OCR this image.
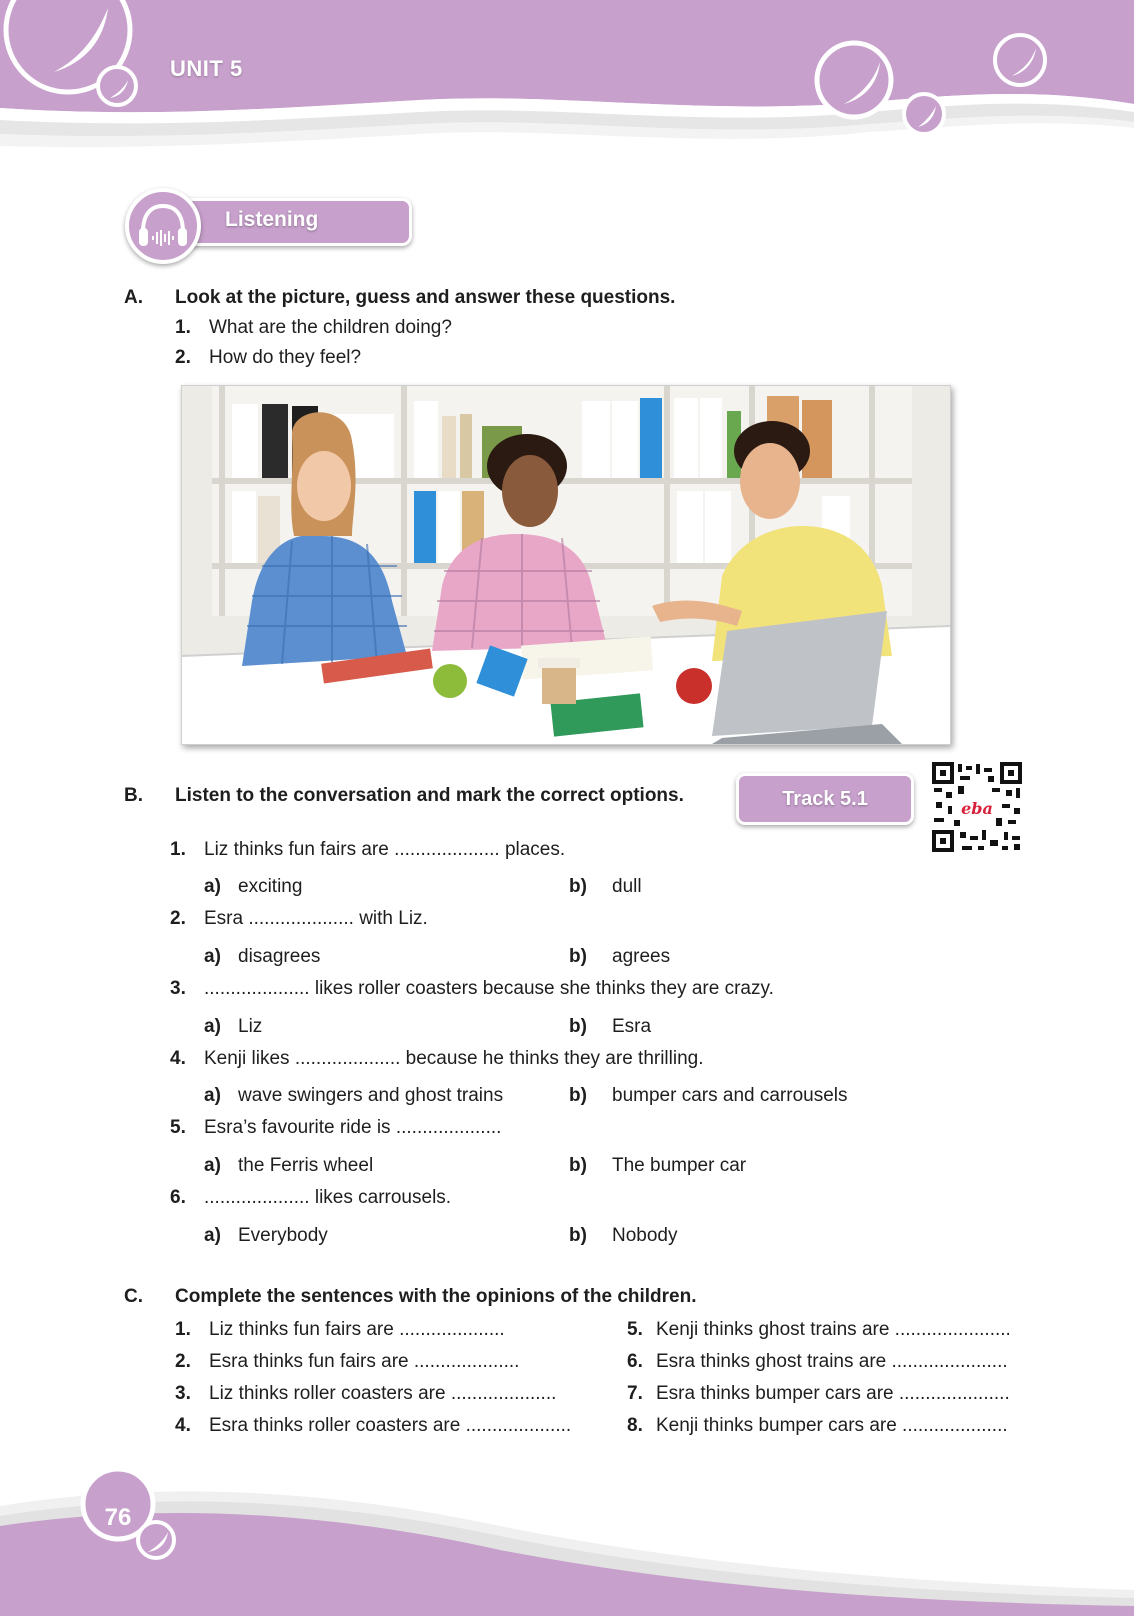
UNIT 5
Listening
A. Look at the picture, guess and answer these questions.
1. What are the children doing?
2. How do they feel?
B. Listen to the conversation and mark the correct options.	Track 5.1	eba
1. Liz thinks fun fairs are .................... places.
a) exciting	b) dull
2. Esra .................... with Liz.
a) disagrees	b) agrees
3. .................... likes roller coasters because she thinks they are crazy.
a) Liz	b) Esra
4. Kenji likes .................... because he thinks they are thrilling.
a) wave swingers and ghost trains	b) bumper cars and carrousels
5. Esra’s favourite ride is ....................
a) the Ferris wheel	b) The bumper car
6. .................... likes carrousels.
a) Everybody	b) Nobody
C. Complete the sentences with the opinions of the children.
1. Liz thinks fun fairs are ....................
2. Esra thinks fun fairs are ....................
3. Liz thinks roller coasters are ....................
4. Esra thinks roller coasters are ....................
5. Kenji thinks ghost trains are ......................
6. Esra thinks ghost trains are ......................
7. Esra thinks bumper cars are .....................
8. Kenji thinks bumper cars are ....................
76
